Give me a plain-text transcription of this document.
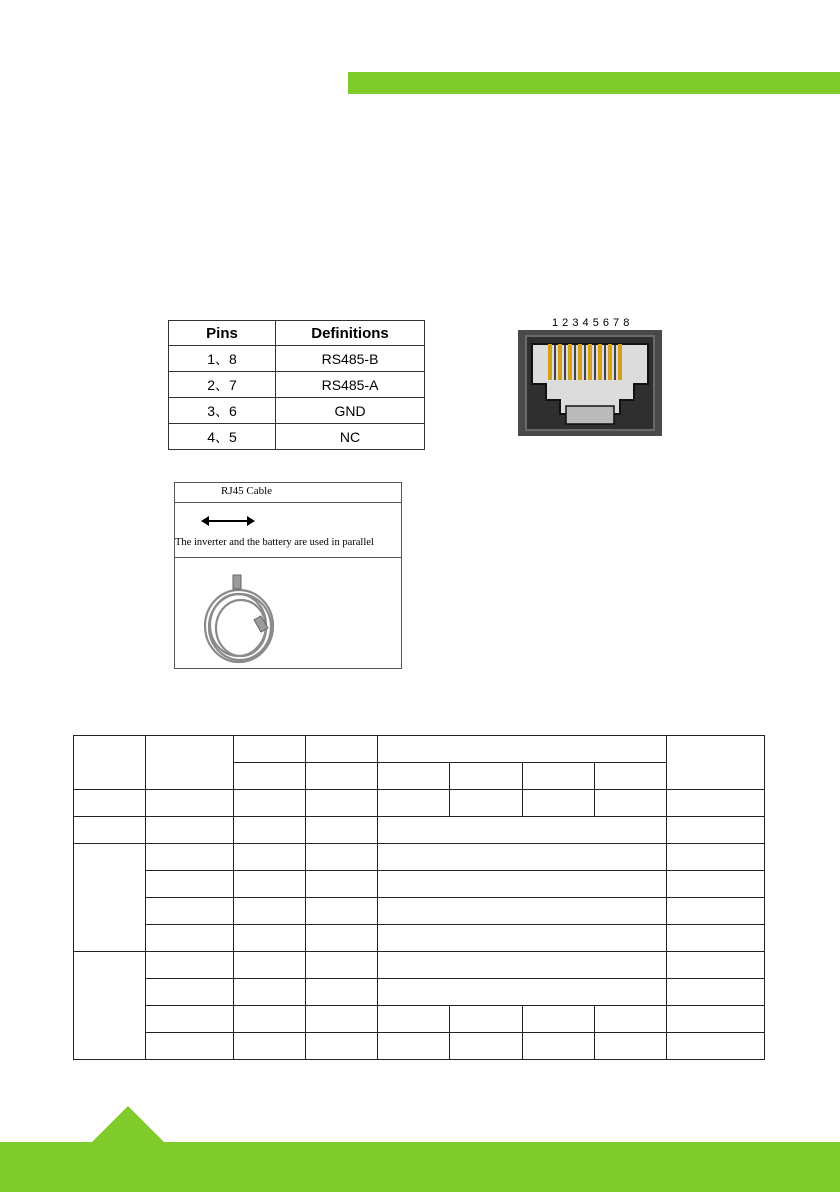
Pins	Definitions
1、8	RS485-B
2、7	RS485-A
3、6	GND
4、5	NC
1 2 3 4 5 6 7 8
RJ45 Cable
The inverter and the battery are used in parallel
